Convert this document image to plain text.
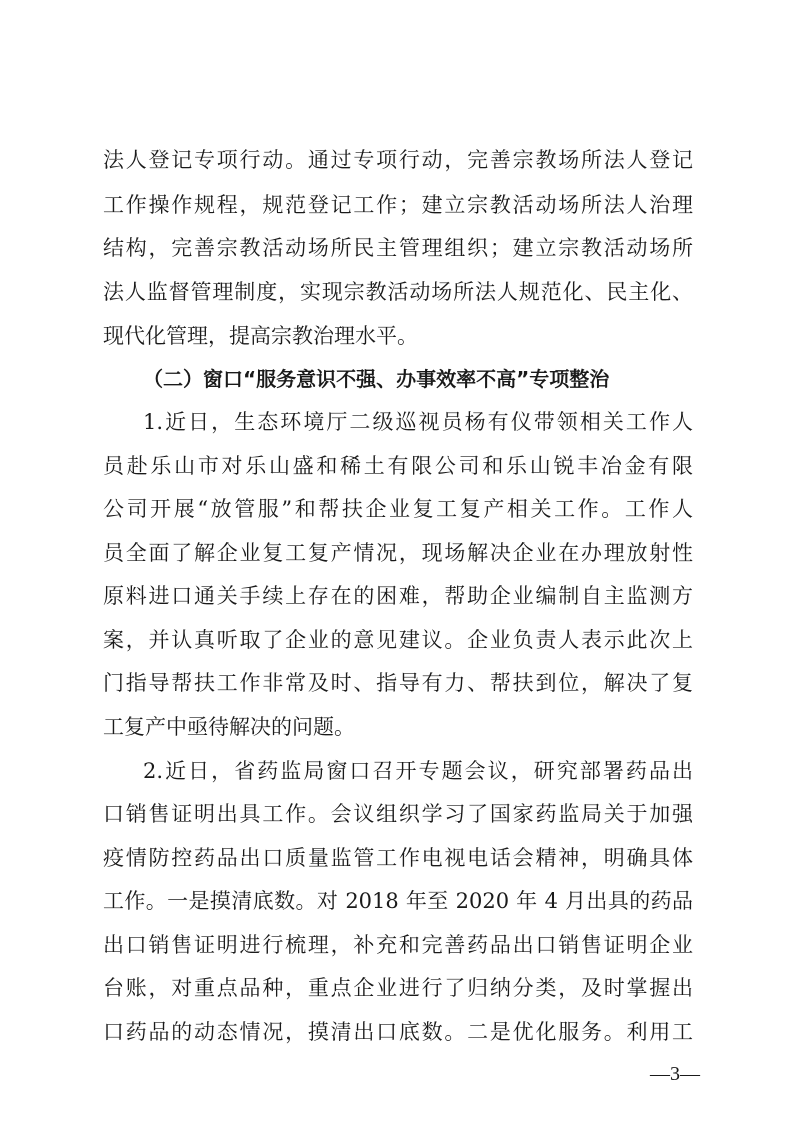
法人登记专项行动。通过专项行动，完善宗教场所法人登记
工作操作规程，规范登记工作；建立宗教活动场所法人治理
结构，完善宗教活动场所民主管理组织；建立宗教活动场所
法人监督管理制度，实现宗教活动场所法人规范化、民主化、
现代化管理，提高宗教治理水平。
（二）窗口“服务意识不强、办事效率不高”专项整治
1.近日，生态环境厅二级巡视员杨有仪带领相关工作人
员赴乐山市对乐山盛和稀土有限公司和乐山锐丰冶金有限
公司开展“放管服”和帮扶企业复工复产相关工作。工作人
员全面了解企业复工复产情况，现场解决企业在办理放射性
原料进口通关手续上存在的困难，帮助企业编制自主监测方
案，并认真听取了企业的意见建议。企业负责人表示此次上
门指导帮扶工作非常及时、指导有力、帮扶到位，解决了复
工复产中亟待解决的问题。
2.近日，省药监局窗口召开专题会议，研究部署药品出
口销售证明出具工作。会议组织学习了国家药监局关于加强
疫情防控药品出口质量监管工作电视电话会精神，明确具体
工作。一是摸清底数。对 2018 年至 2020 年 4 月出具的药品
出口销售证明进行梳理，补充和完善药品出口销售证明企业
台账，对重点品种，重点企业进行了归纳分类，及时掌握出
口药品的动态情况，摸清出口底数。二是优化服务。利用工
—3—
